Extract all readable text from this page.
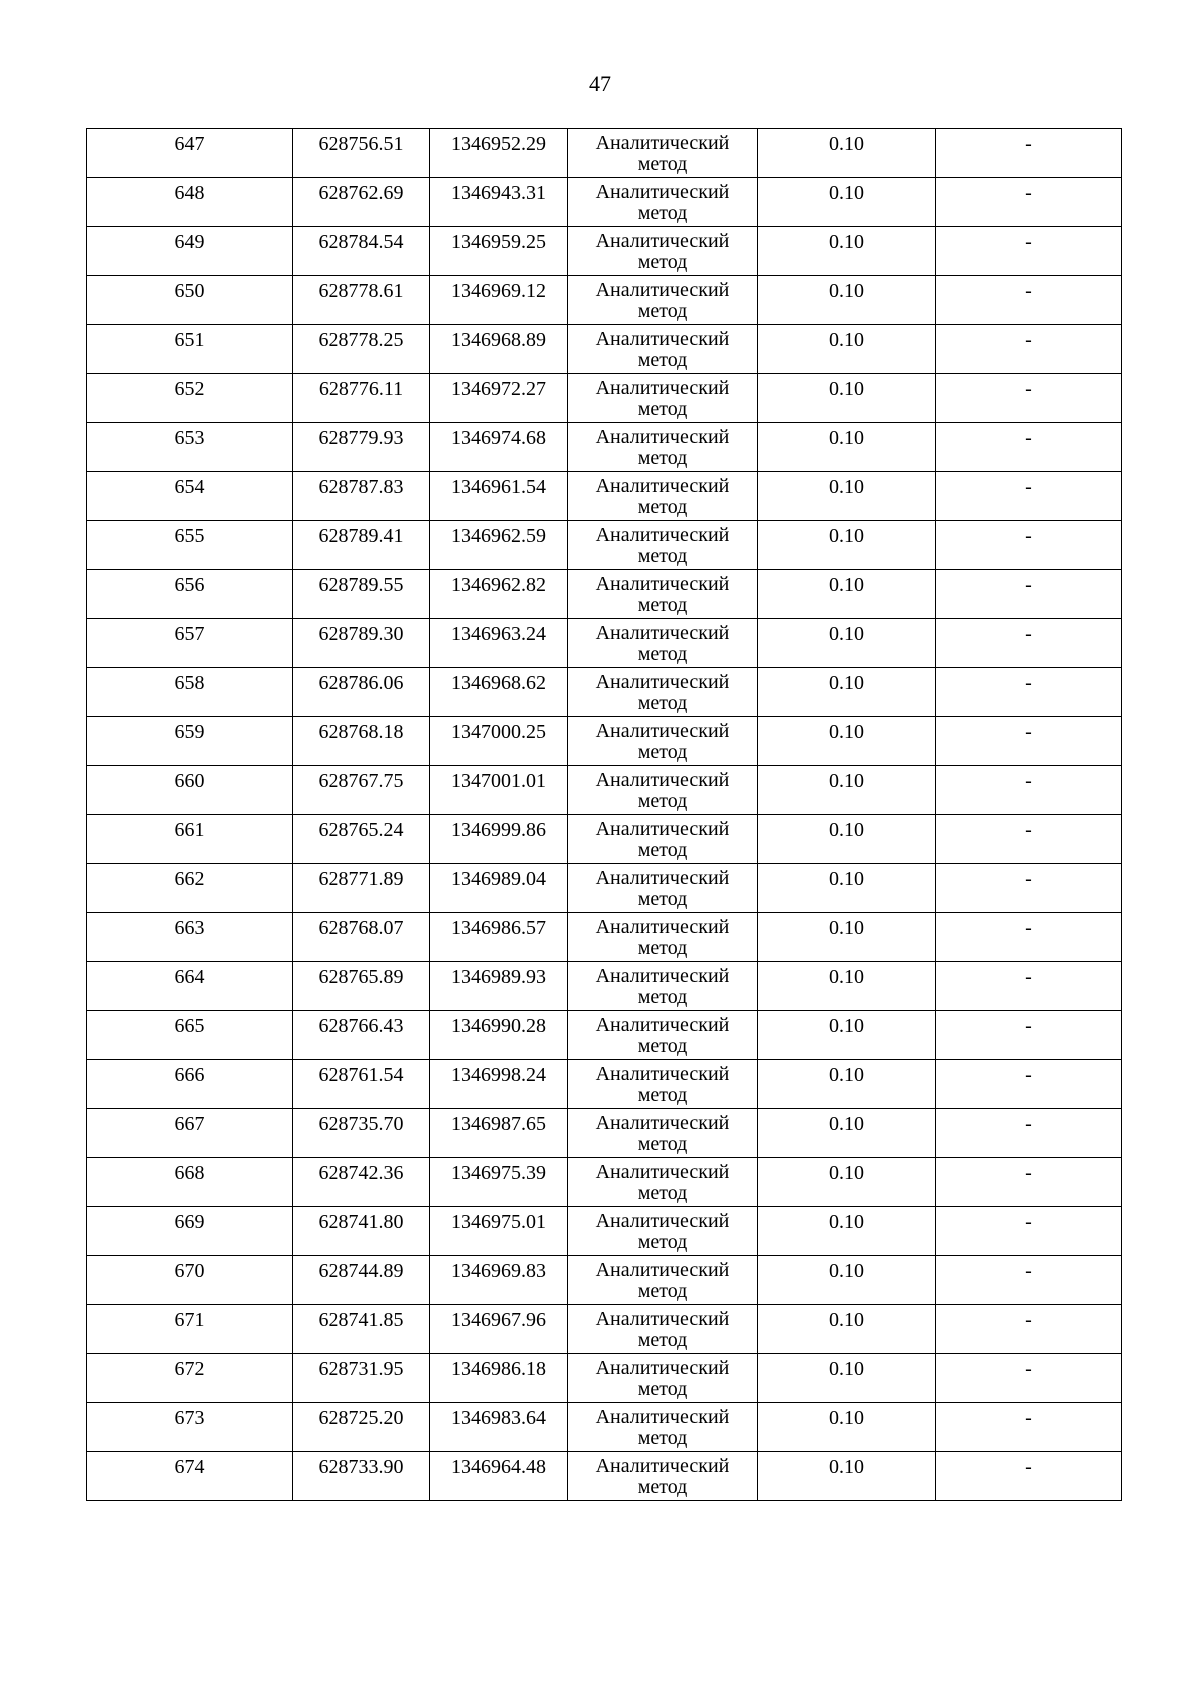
47
647	628756.51	1346952.29	Аналитический
метод	0.10	-

648	628762.69	1346943.31	Аналитический
метод	0.10	-

649	628784.54	1346959.25	Аналитический
метод	0.10	-

650	628778.61	1346969.12	Аналитический
метод	0.10	-

651	628778.25	1346968.89	Аналитический
метод	0.10	-

652	628776.11	1346972.27	Аналитический
метод	0.10	-

653	628779.93	1346974.68	Аналитический
метод	0.10	-

654	628787.83	1346961.54	Аналитический
метод	0.10	-

655	628789.41	1346962.59	Аналитический
метод	0.10	-

656	628789.55	1346962.82	Аналитический
метод	0.10	-

657	628789.30	1346963.24	Аналитический
метод	0.10	-

658	628786.06	1346968.62	Аналитический
метод	0.10	-

659	628768.18	1347000.25	Аналитический
метод	0.10	-

660	628767.75	1347001.01	Аналитический
метод	0.10	-

661	628765.24	1346999.86	Аналитический
метод	0.10	-

662	628771.89	1346989.04	Аналитический
метод	0.10	-

663	628768.07	1346986.57	Аналитический
метод	0.10	-

664	628765.89	1346989.93	Аналитический
метод	0.10	-

665	628766.43	1346990.28	Аналитический
метод	0.10	-

666	628761.54	1346998.24	Аналитический
метод	0.10	-

667	628735.70	1346987.65	Аналитический
метод	0.10	-

668	628742.36	1346975.39	Аналитический
метод	0.10	-

669	628741.80	1346975.01	Аналитический
метод	0.10	-

670	628744.89	1346969.83	Аналитический
метод	0.10	-

671	628741.85	1346967.96	Аналитический
метод	0.10	-

672	628731.95	1346986.18	Аналитический
метод	0.10	-

673	628725.20	1346983.64	Аналитический
метод	0.10	-

674	628733.90	1346964.48	Аналитический
метод	0.10	-
